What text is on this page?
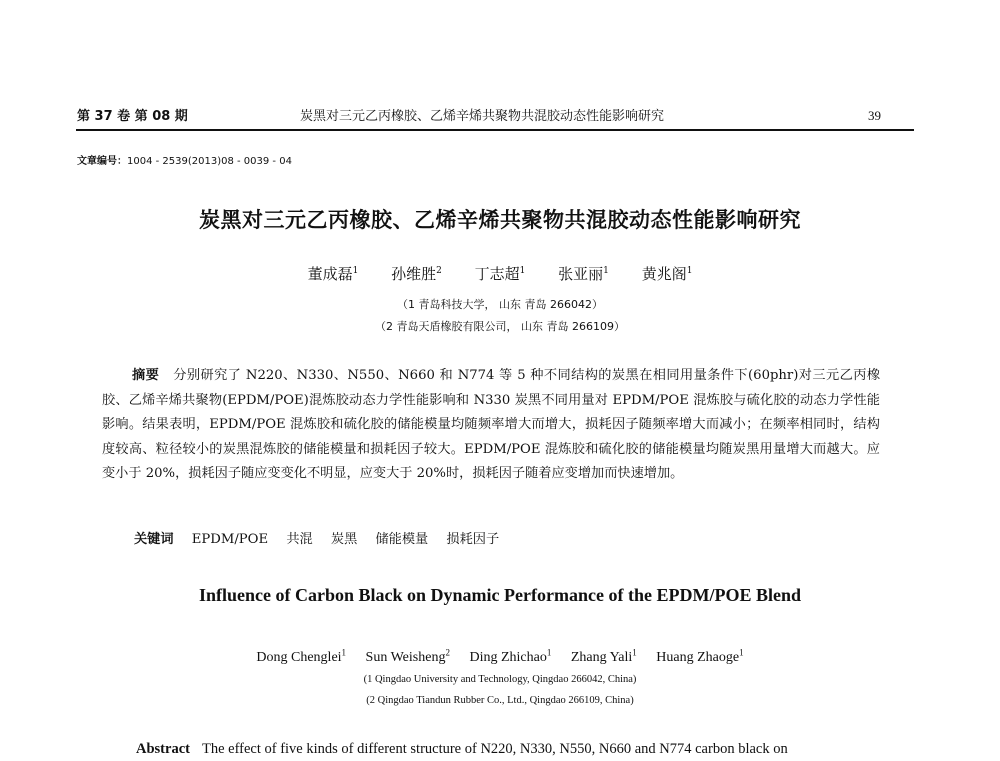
第 37 卷 第 08 期	炭黑对三元乙丙橡胶、乙烯辛烯共聚物共混胶动态性能影响研究	39
文章编号：1004 - 2539(2013)08 - 0039 - 04
炭黑对三元乙丙橡胶、乙烯辛烯共聚物共混胶动态性能影响研究
董成磊$^1$ 孙维胜$^2$ 丁志超$^1$ 张亚丽$^1$ 黄兆阁$^1$
（1 青岛科技大学， 山东 青岛 266042）
（2 青岛天盾橡胶有限公司， 山东 青岛 266109）
摘要 分别研究了 N220、N330、N550、N660 和 N774 等 5 种不同结构的炭黑在相同用量条件下(60phr)对三元乙丙橡胶、乙烯辛烯共聚物(EPDM/POE)混炼胶动态力学性能影响和 N330 炭黑不同用量对 EPDM/POE 混炼胶与硫化胶的动态力学性能影响。结果表明，EPDM/POE 混炼胶和硫化胶的储能模量均随频率增大而增大，损耗因子随频率增大而减小；在频率相同时，结构度较高、粒径较小的炭黑混炼胶的储能模量和损耗因子较大。EPDM/POE 混炼胶和硫化胶的储能模量均随炭黑用量增大而越大。应变小于 20%，损耗因子随应变变化不明显，应变大于 20%时，损耗因子随着应变增加而快速增加。
关键词 EPDM/POE 共混 炭黑 储能模量 损耗因子
Influence of Carbon Black on Dynamic Performance of the EPDM/POE Blend
Dong Chenglei$^1$ Sun Weisheng$^2$ Ding Zhichao$^1$ Zhang Yali$^1$ Huang Zhaoge$^1$
(1 Qingdao University and Technology, Qingdao 266042, China)
(2 Qingdao Tiandun Rubber Co., Ltd., Qingdao 266109, China)
Abstract The effect of five kinds of different structure of N220, N330, N550, N660 and N774 carbon black on
